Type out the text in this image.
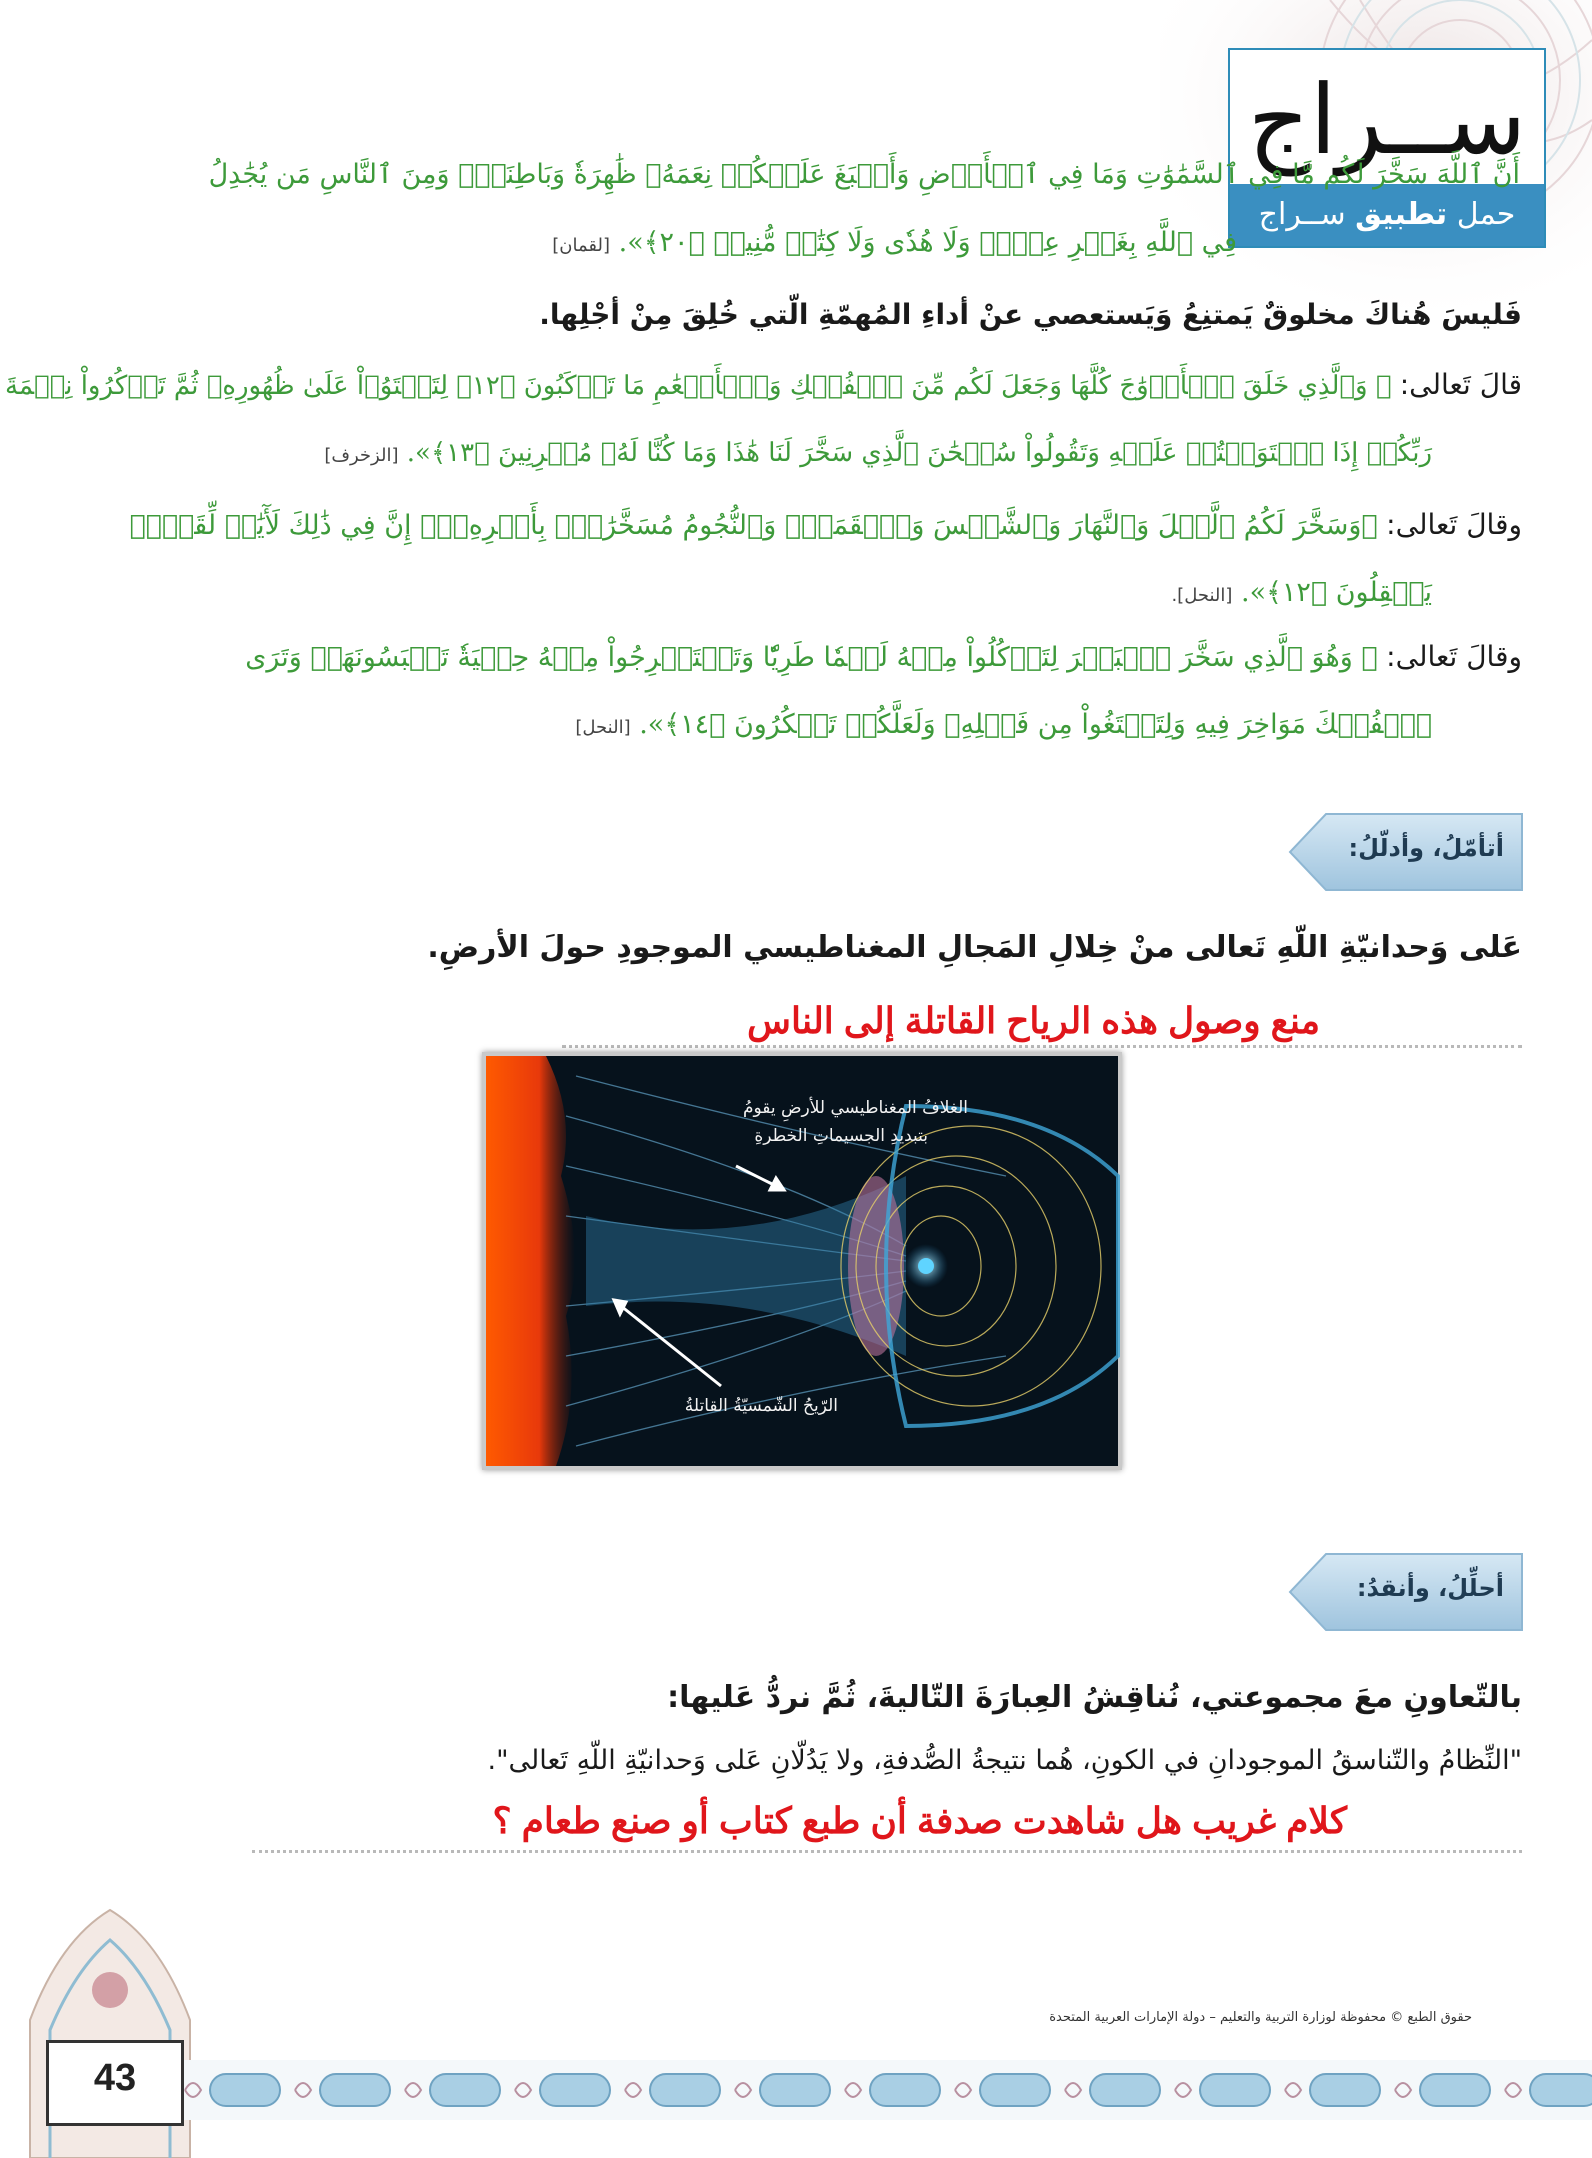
ســراج
حمل تطبيق ســراج
أَنَّ ٱللَّهَ سَخَّرَ لَكُم مَّا فِي ٱلسَّمَٰوَٰتِ وَمَا فِي ٱلۡأَرۡضِ وَأَسۡبَغَ عَلَيۡكُمۡ نِعَمَهُۥ ظَٰهِرَةٗ وَبَاطِنَةٗۗ وَمِنَ ٱلنَّاسِ مَن يُجَٰدِلُ
فِي ٱللَّهِ بِغَيۡرِ عِلۡمٖ وَلَا هُدٗى وَلَا كِتَٰبٖ مُّنِيرٖ ﴿٢٠﴾». [لقمان]
فَليسَ هُناكَ مخلوقٌ يَمتنِعُ وَيَستعصي عنْ أداءِ المُهمّةِ الّتي خُلِقَ مِنْ أجْلِها.
قالَ تَعالى: ﴿ وَٱلَّذِي خَلَقَ ٱلۡأَزۡوَٰجَ كُلَّهَا وَجَعَلَ لَكُم مِّنَ ٱلۡفُلۡكِ وَٱلۡأَنۡعَٰمِ مَا تَرۡكَبُونَ ﴿١٢﴾ لِتَسۡتَوُۥاْ عَلَىٰ ظُهُورِهِۦ ثُمَّ تَذۡكُرُواْ نِعۡمَةَ
رَبِّكُمۡ إِذَا ٱسۡتَوَيۡتُمۡ عَلَيۡهِ وَتَقُولُواْ سُبۡحَٰنَ ٱلَّذِي سَخَّرَ لَنَا هَٰذَا وَمَا كُنَّا لَهُۥ مُقۡرِنِينَ ﴿١٣﴾». [الزخرف]
وقالَ تَعالى: ﴿وَسَخَّرَ لَكُمُ ٱلَّيۡلَ وَٱلنَّهَارَ وَٱلشَّمۡسَ وَٱلۡقَمَرَۖ وَٱلنُّجُومُ مُسَخَّرَٰتُۢ بِأَمۡرِهِۦٓۚ إِنَّ فِي ذَٰلِكَ لَأٓيَٰتٖ لِّقَوۡمٖ
يَعۡقِلُونَ ﴿١٢﴾». [النحل].
وقالَ تَعالى: ﴿ وَهُوَ ٱلَّذِي سَخَّرَ ٱلۡبَحۡرَ لِتَأۡكُلُواْ مِنۡهُ لَحۡمٗا طَرِيّٗا وَتَسۡتَخۡرِجُواْ مِنۡهُ حِلۡيَةٗ تَلۡبَسُونَهَاۖ وَتَرَى
ٱلۡفُلۡكَ مَوَاخِرَ فِيهِ وَلِتَبۡتَغُواْ مِن فَضۡلِهِۦ وَلَعَلَّكُمۡ تَشۡكُرُونَ ﴿١٤﴾». [النحل]
أتأمّلُ، وأدلّلُ:
عَلى وَحدانيّةِ اللّهِ تَعالى منْ خِلالِ المَجالِ المغناطيسي الموجودِ حولَ الأرضِ.
منع وصول هذه الرياح القاتلة إلى الناس
الغلافُ المغناطيسي للأرضِ يقومُ
بتبديدِ الجسيماتِ الخطرةِ
الرّيحُ الشّمسيّةُ القاتلةُ
أحلِّلُ، وأنقدُ:
بالتّعاونِ معَ مجموعتي، نُناقِشُ العِبارَةَ التّاليةَ، ثُمَّ نردُّ عَليها:
"النِّظامُ والتّناسقُ الموجودانِ في الكونِ، هُما نتيجةُ الصُّدفةِ، ولا يَدُلّانِ عَلى وَحدانيّةِ اللّهِ تَعالى".
كلام غريب هل شاهدت صدفة أن طبع كتاب أو صنع طعام ؟
حقوق الطبع © محفوظة لوزارة التربية والتعليم – دولة الإمارات العربية المتحدة
43
